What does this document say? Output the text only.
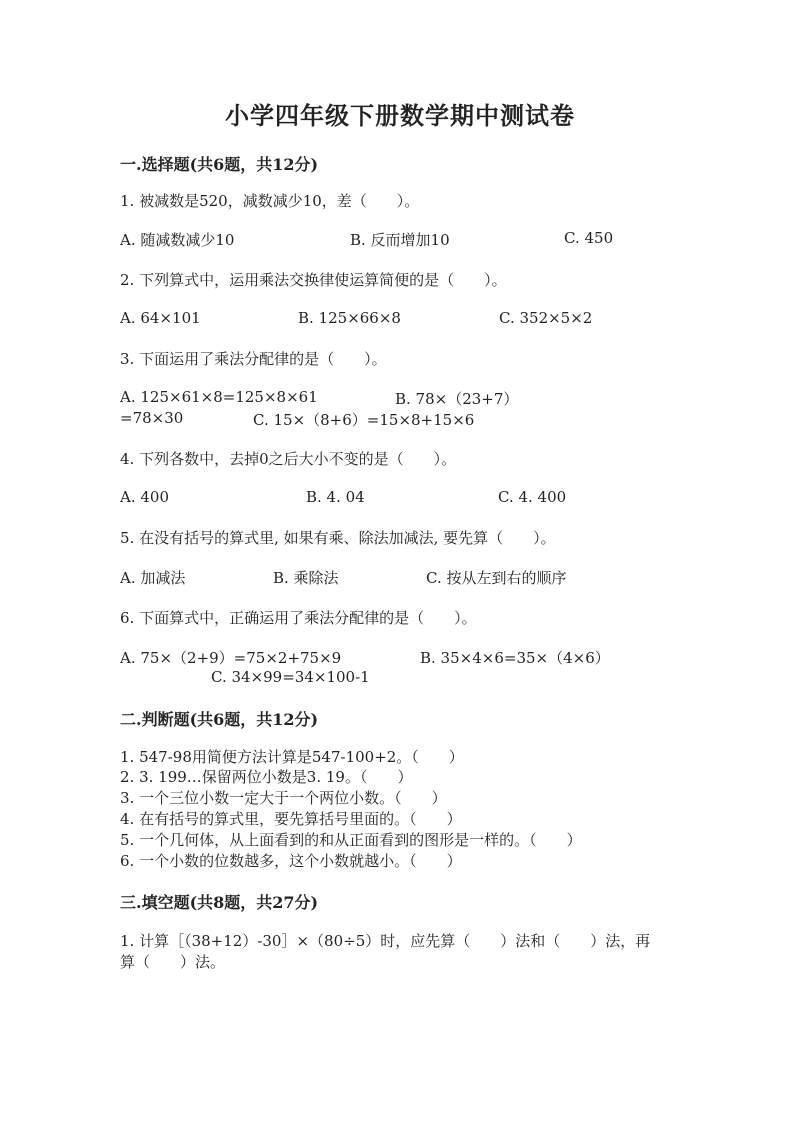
小学四年级下册数学期中测试卷
一.选择题(共6题，共12分)
1. 被减数是520，减数减少10，差（　　）。
A. 随减数减少10	B. 反而增加10	C. 450
2. 下列算式中，运用乘法交换律使运算简便的是（　　）。
A. 64×101	B. 125×66×8	C. 352×5×2
3. 下面运用了乘法分配律的是（　　）。
A. 125×61×8=125×8×61	B. 78×（23+7）
=78×30	C. 15×（8+6）=15×8+15×6
4. 下列各数中，去掉0之后大小不变的是（　　）。
A. 400	B. 4. 04	C. 4. 400
5. 在没有括号的算式里, 如果有乘、除法加减法, 要先算（　　）。
A. 加减法	B. 乘除法	C. 按从左到右的顺序
6. 下面算式中，正确运用了乘法分配律的是（　　）。
A. 75×（2+9）=75×2+75×9	B. 35×4×6=35×（4×6）
C. 34×99=34×100-1
二.判断题(共6题，共12分)
1. 547-98用简便方法计算是547-100+2。（　　）
2. 3. 199…保留两位小数是3. 19。（　　）
3. 一个三位小数一定大于一个两位小数。（　　）
4. 在有括号的算式里，要先算括号里面的。（　　）
5. 一个几何体，从上面看到的和从正面看到的图形是一样的。（　　）
6. 一个小数的位数越多，这个小数就越小。（　　）
三.填空题(共8题，共27分)
1. 计算［（38+12）-30］×（80÷5）时，应先算（　　）法和（　　）法，再
算（　　）法。
